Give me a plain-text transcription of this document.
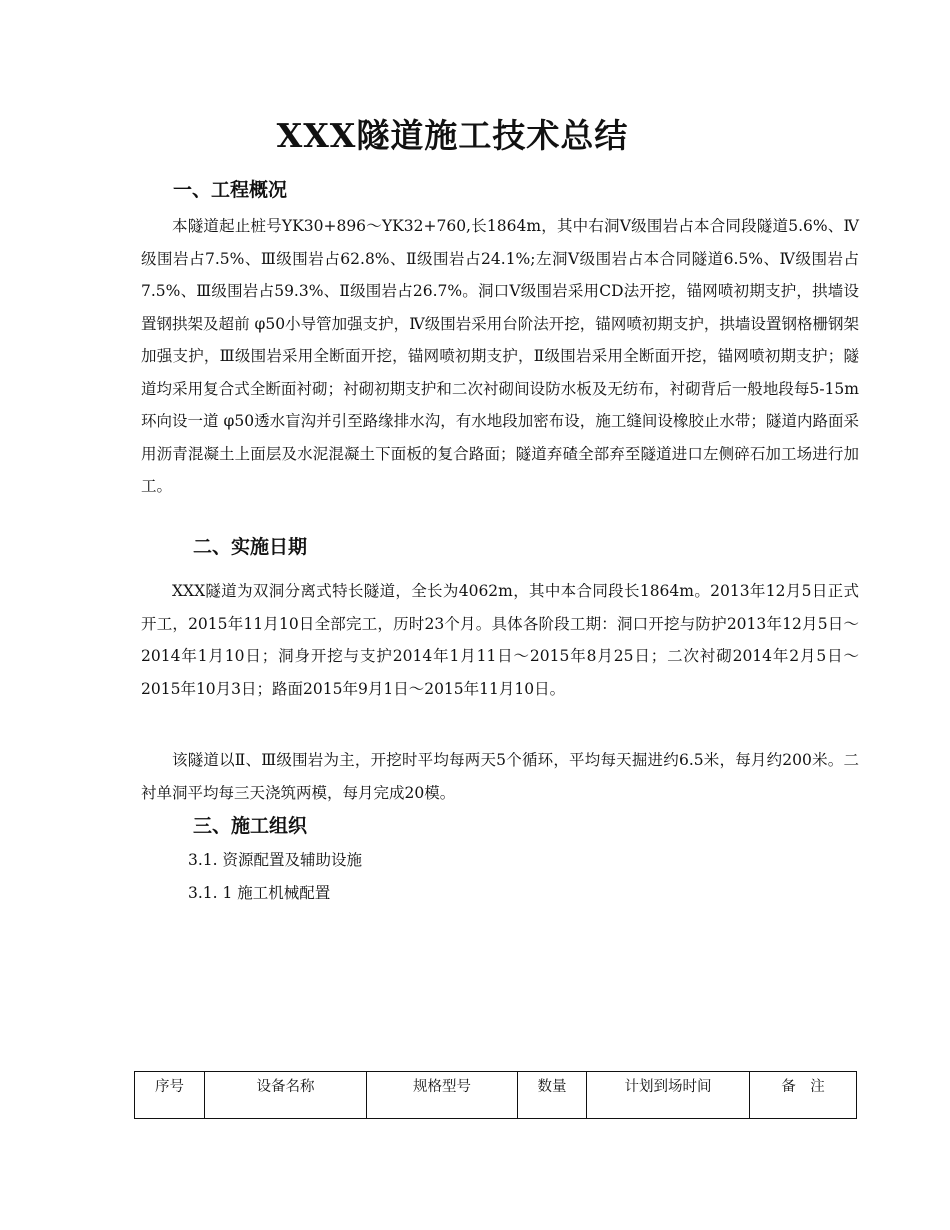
XXX隧道施工技术总结
一、工程概况
本隧道起止桩号YK30+896～YK32+760,长1864m，其中右洞Ⅴ级围岩占本合同段隧道5.6%、Ⅳ级围岩占7.5%、Ⅲ级围岩占62.8%、Ⅱ级围岩占24.1%;左洞Ⅴ级围岩占本合同隧道6.5%、Ⅳ级围岩占7.5%、Ⅲ级围岩占59.3%、Ⅱ级围岩占26.7%。洞口Ⅴ级围岩采用CD法开挖，锚网喷初期支护，拱墙设置钢拱架及超前 φ50小导管加强支护，Ⅳ级围岩采用台阶法开挖，锚网喷初期支护，拱墙设置钢格栅钢架加强支护，Ⅲ级围岩采用全断面开挖，锚网喷初期支护，Ⅱ级围岩采用全断面开挖，锚网喷初期支护；隧道均采用复合式全断面衬砌；衬砌初期支护和二次衬砌间设防水板及无纺布，衬砌背后一般地段每5-15m环向设一道 φ50透水盲沟并引至路缘排水沟，有水地段加密布设，施工缝间设橡胶止水带；隧道内路面采用沥青混凝土上面层及水泥混凝土下面板的复合路面；隧道弃碴全部弃至隧道进口左侧碎石加工场进行加工。
二、实施日期
XXX隧道为双洞分离式特长隧道，全长为4062m，其中本合同段长1864m。2013年12月5日正式开工，2015年11月10日全部完工，历时23个月。具体各阶段工期：洞口开挖与防护2013年12月5日～2014年1月10日；洞身开挖与支护2014年1月11日～2015年8月25日；二次衬砌2014年2月5日～2015年10月3日；路面2015年9月1日～2015年11月10日。
该隧道以Ⅱ、Ⅲ级围岩为主，开挖时平均每两天5个循环，平均每天掘进约6.5米，每月约200米。二衬单洞平均每三天浇筑两模，每月完成20模。
三、施工组织
3.1. 资源配置及辅助设施
3.1. 1 施工机械配置
序号	设备名称	规格型号	数量	计划到场时间	备　注
